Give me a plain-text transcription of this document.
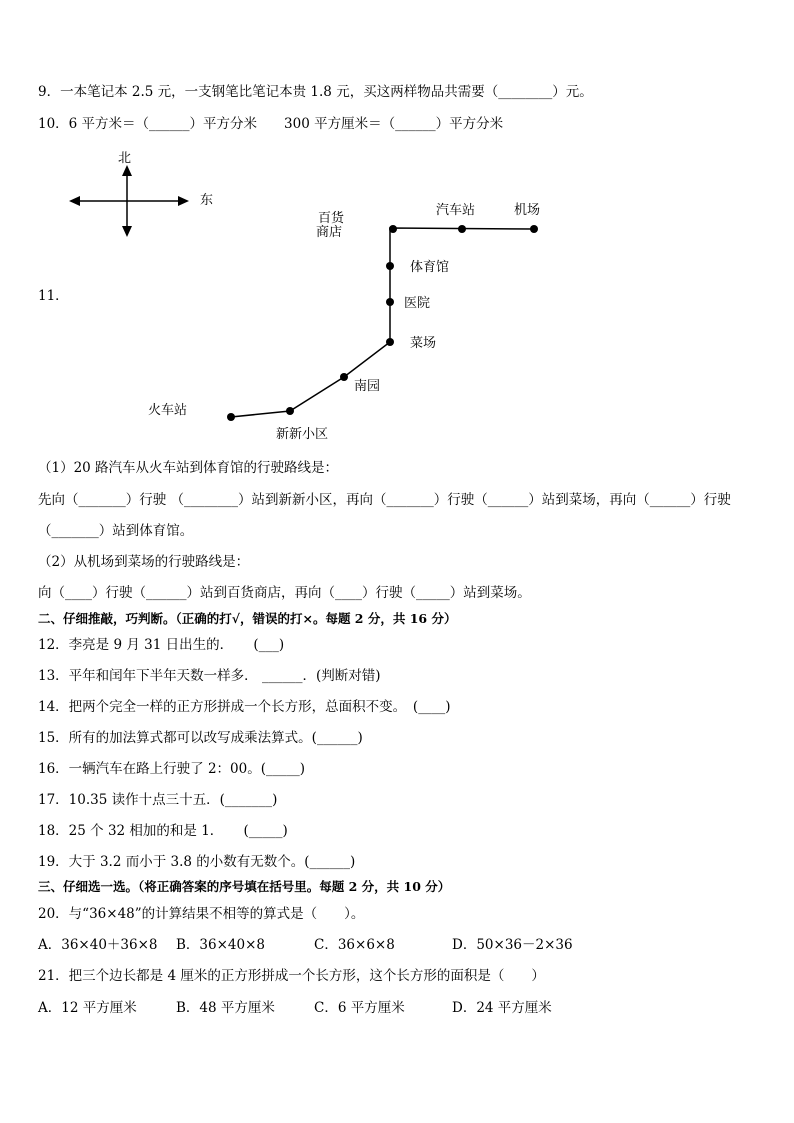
9．一本笔记本 2.5 元，一支钢笔比笔记本贵 1.8 元，买这两样物品共需要（________）元。
10．6 平方米＝（______）平方分米　　300 平方厘米＝（______）平方分米
北
东
百货
商店
汽车站	机场
体育馆
医院
菜场
南园
火车站
新新小区
11．
（1）20 路汽车从火车站到体育馆的行驶路线是：
先向（_______）行驶 （________）站到新新小区，再向（_______）行驶（______）站到菜场，再向（______）行驶
（_______）站到体育馆。
（2）从机场到菜场的行驶路线是：
向（____）行驶（______）站到百货商店，再向（____）行驶（_____）站到菜场。
二、仔细推敲，巧判断。（正确的打√，错误的打×。每题 2 分，共 16 分）
12．李亮是 9 月 31 日出生的．　　(___)
13．平年和闰年下半年天数一样多． ______．(判断对错)
14．把两个完全一样的正方形拼成一个长方形，总面积不变。　(____)
15．所有的加法算式都可以改写成乘法算式。(______)
16．一辆汽车在路上行驶了 2：00。(_____)
17．10.35 读作十点三十五．(_______)
18．25 个 32 相加的和是 1．　　(_____)
19．大于 3.2 而小于 3.8 的小数有无数个。(______)
三、仔细选一选。（将正确答案的序号填在括号里。每题 2 分，共 10 分）
20．与“36×48”的计算结果不相等的算式是（　　）。
A．36×40＋36×8 B．36×40×8	C．36×6×8	D．50×36－2×36
21．把三个边长都是 4 厘米的正方形拼成一个长方形，这个长方形的面积是（　　）
A．12 平方厘米	B．48 平方厘米	C．6 平方厘米	D．24 平方厘米
